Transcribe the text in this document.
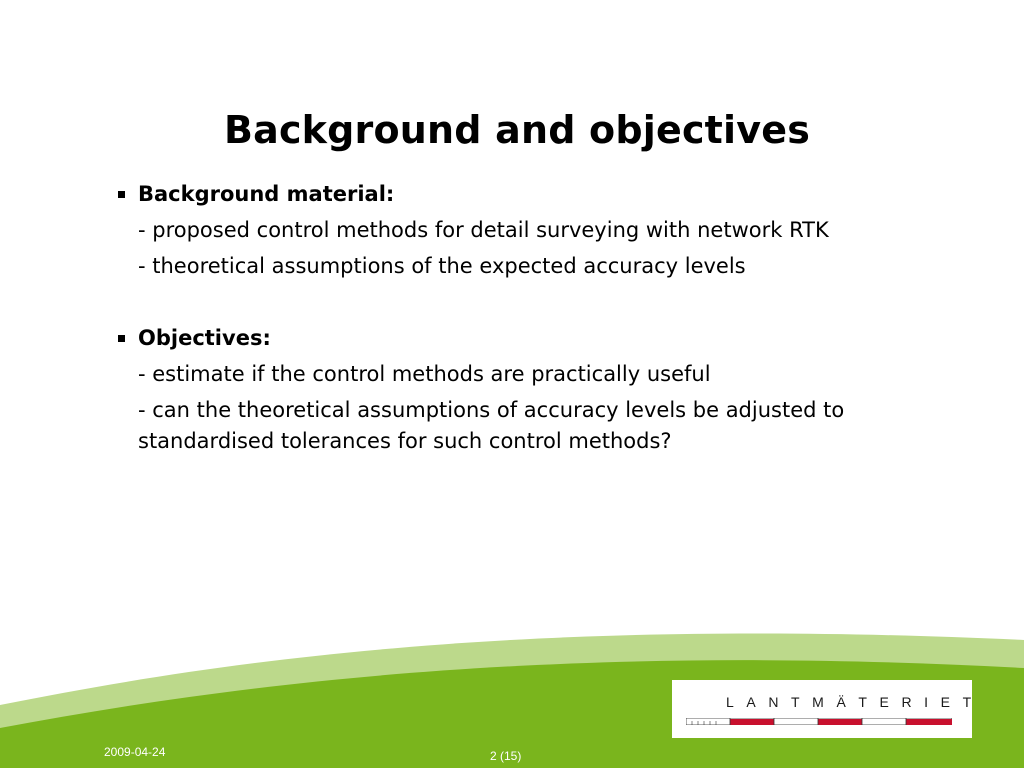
Background and objectives
Background material:
- proposed control methods for detail surveying with network RTK
- theoretical assumptions of the expected accuracy levels
Objectives:
- estimate if the control methods are practically useful
- can the theoretical assumptions of accuracy levels be adjusted to standardised tolerances for such control methods?
LANTMÄTERIET
2009-04-24	2 (15)
